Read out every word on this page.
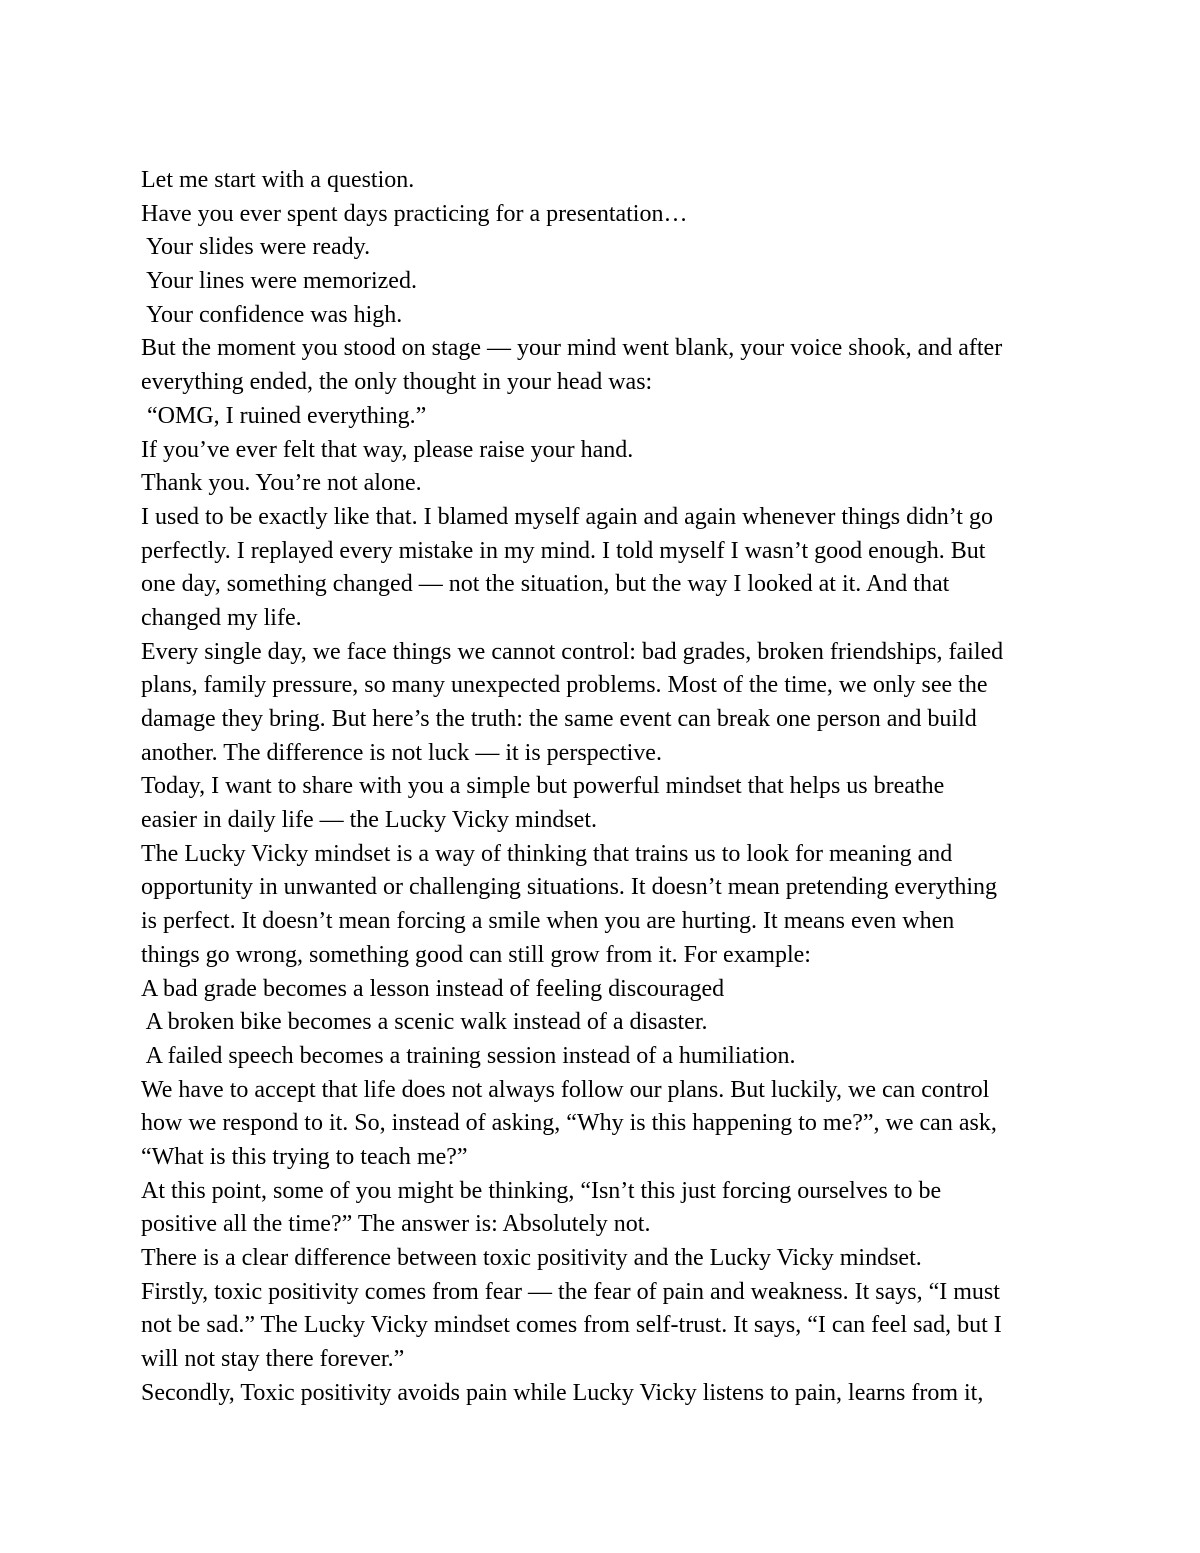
Let me start with a question.
Have you ever spent days practicing for a presentation…
Your slides were ready.
Your lines were memorized.
Your confidence was high.
But the moment you stood on stage — your mind went blank, your voice shook, and after
everything ended, the only thought in your head was:
“OMG, I ruined everything.”
If you’ve ever felt that way, please raise your hand.
Thank you. You’re not alone.
I used to be exactly like that. I blamed myself again and again whenever things didn’t go
perfectly. I replayed every mistake in my mind. I told myself I wasn’t good enough. But
one day, something changed — not the situation, but the way I looked at it. And that
changed my life.
Every single day, we face things we cannot control: bad grades, broken friendships, failed
plans, family pressure, so many unexpected problems. Most of the time, we only see the
damage they bring. But here’s the truth: the same event can break one person and build
another. The difference is not luck — it is perspective.
Today, I want to share with you a simple but powerful mindset that helps us breathe
easier in daily life — the Lucky Vicky mindset.
The Lucky Vicky mindset is a way of thinking that trains us to look for meaning and
opportunity in unwanted or challenging situations. It doesn’t mean pretending everything
is perfect. It doesn’t mean forcing a smile when you are hurting. It means even when
things go wrong, something good can still grow from it. For example:
A bad grade becomes a lesson instead of feeling discouraged
A broken bike becomes a scenic walk instead of a disaster.
A failed speech becomes a training session instead of a humiliation.
We have to accept that life does not always follow our plans. But luckily, we can control
how we respond to it. So, instead of asking, “Why is this happening to me?”, we can ask,
“What is this trying to teach me?”
At this point, some of you might be thinking, “Isn’t this just forcing ourselves to be
positive all the time?” The answer is: Absolutely not.
There is a clear difference between toxic positivity and the Lucky Vicky mindset.
Firstly, toxic positivity comes from fear — the fear of pain and weakness. It says, “I must
not be sad.” The Lucky Vicky mindset comes from self-trust. It says, “I can feel sad, but I
will not stay there forever.”
Secondly, Toxic positivity avoids pain while Lucky Vicky listens to pain, learns from it,
